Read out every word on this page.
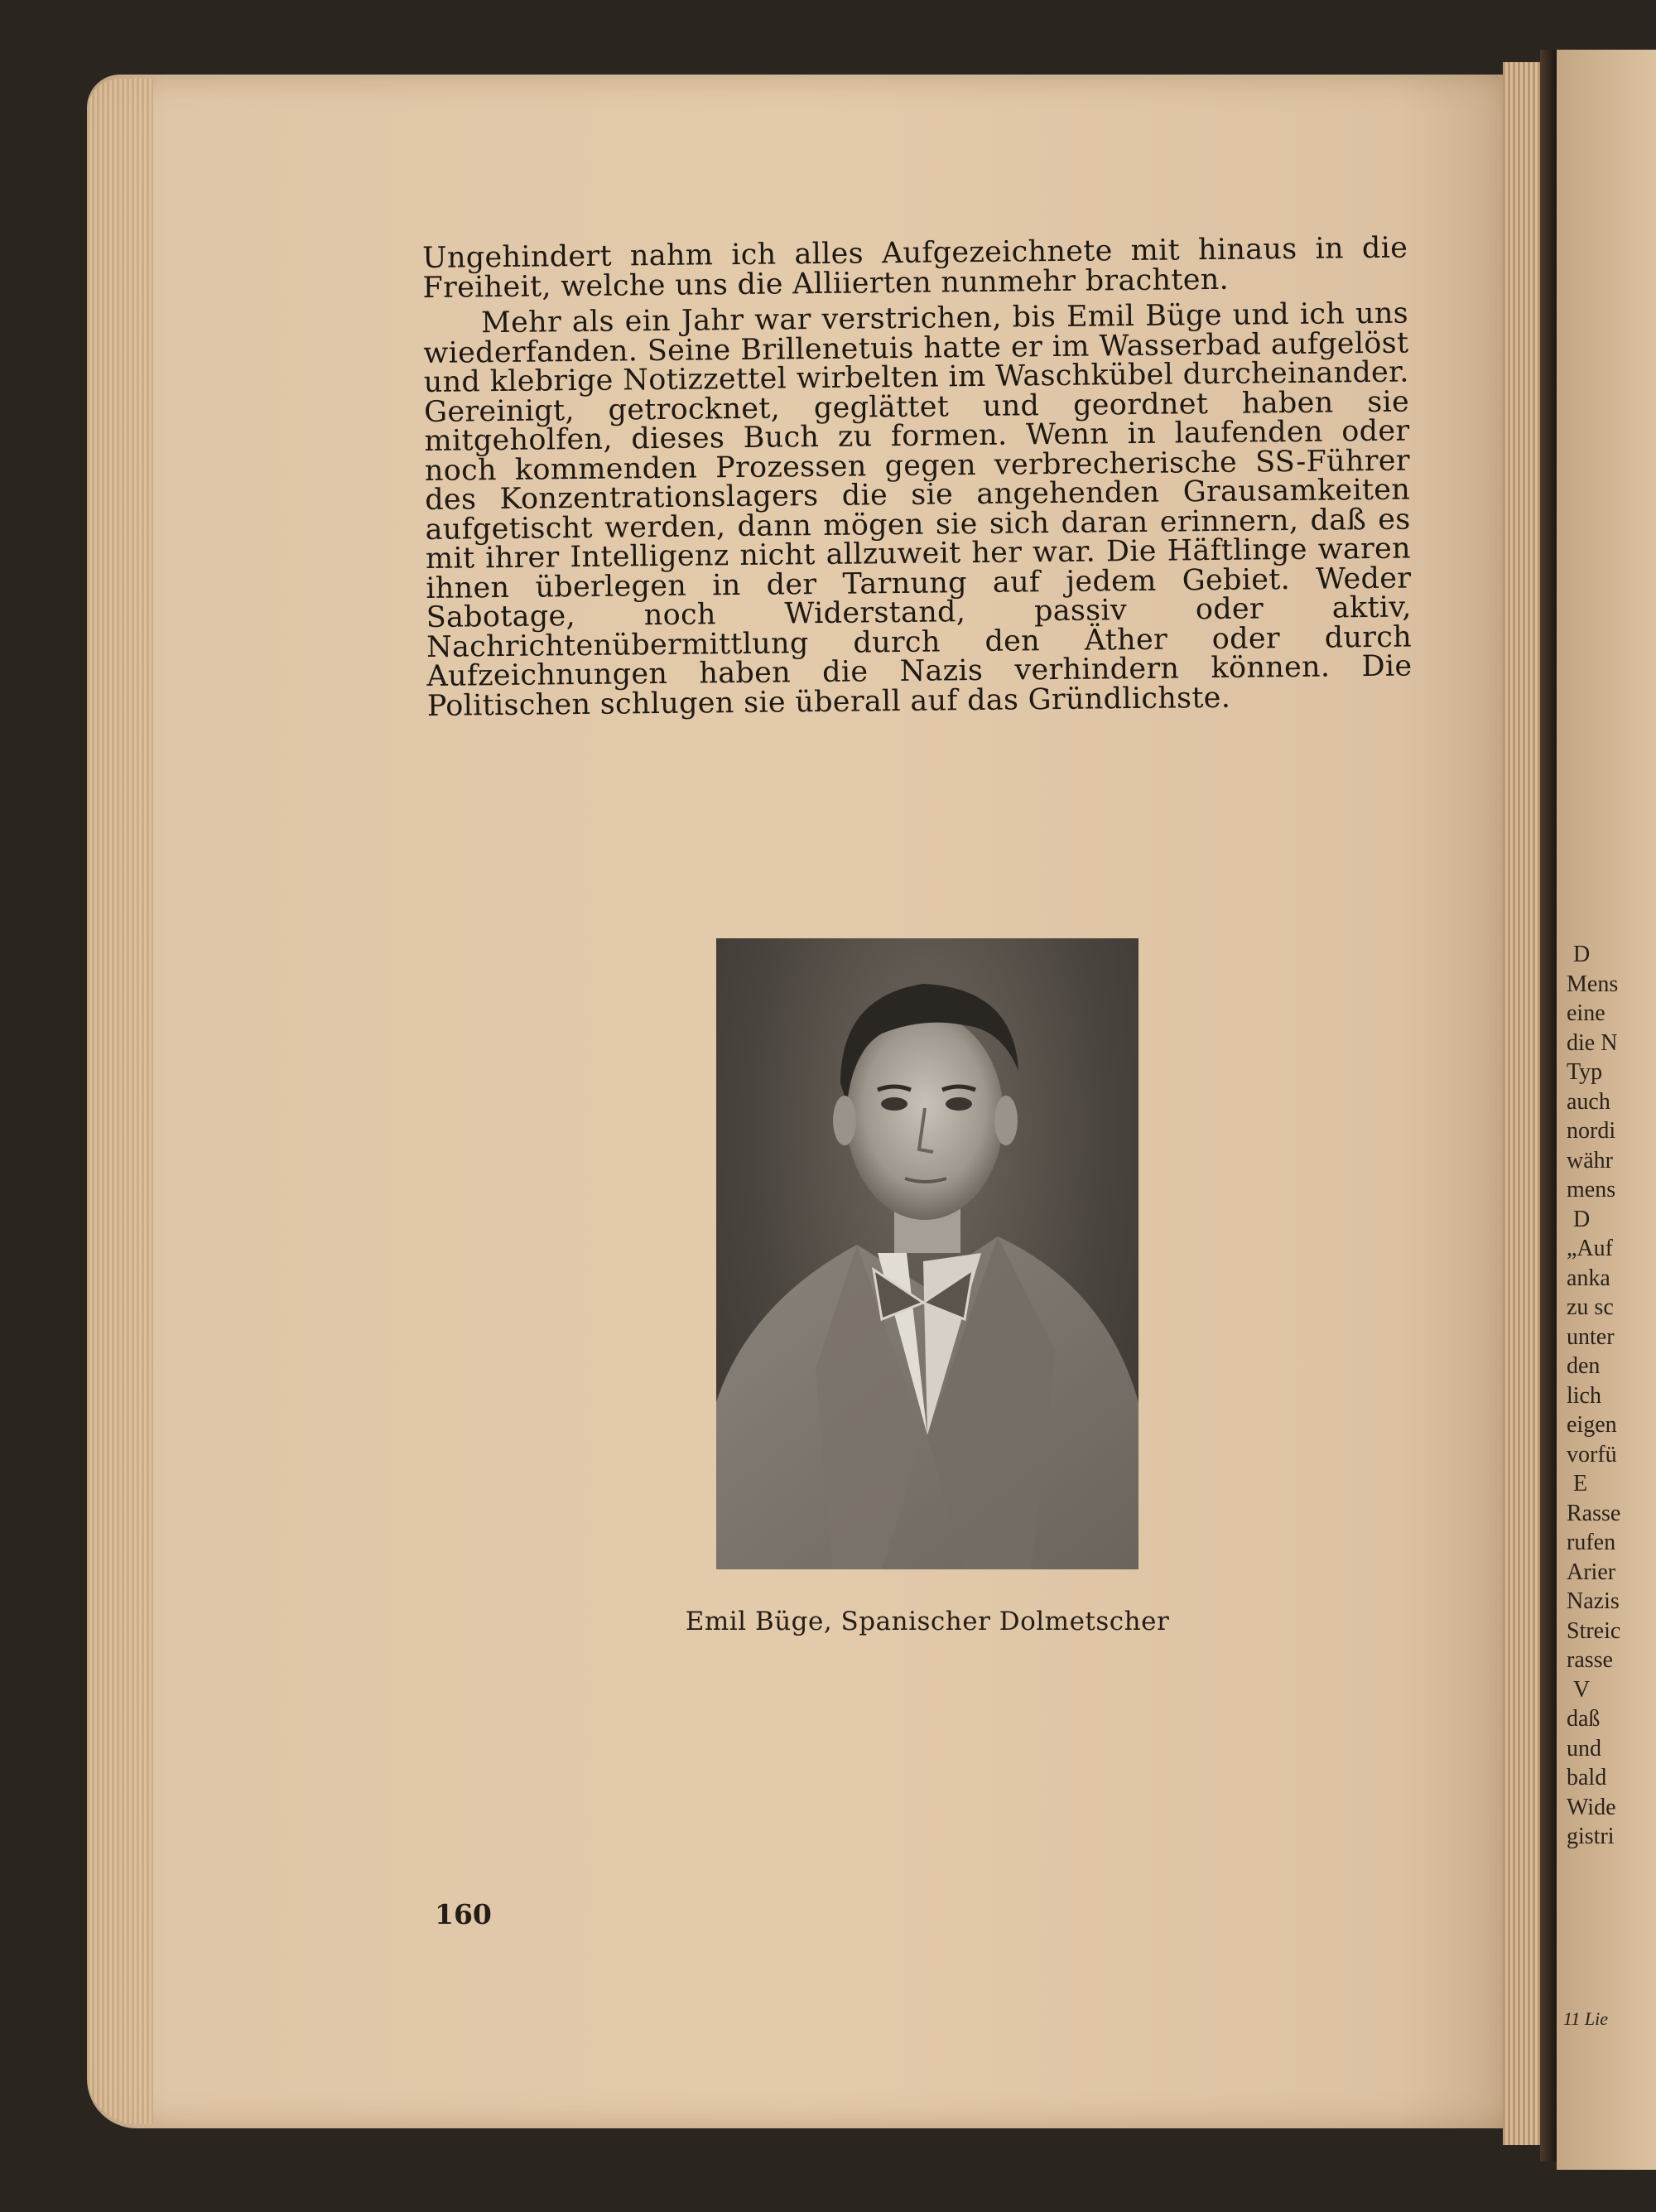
D
Mens
eine
die N
Typ
auch
nordi
währ
mens
D
„Auf
anka
zu sc
unter
den
lich
eigen
vorfü
E
Rasse
rufen
Arier
Nazis
Streic
rasse
V
daß
und
bald
Wide
gistri
11 Lie

Ungehindert nahm ich alles Aufgezeichnete mit hinaus in die Freiheit, welche uns die Alliierten nunmehr brachten.

Mehr als ein Jahr war verstrichen, bis Emil Büge und ich uns wiederfanden. Seine Brillenetuis hatte er im Wasserbad aufgelöst und klebrige Notizzettel wirbelten im Waschkübel durcheinander. Gereinigt, getrocknet, geglättet und geordnet haben sie mitgeholfen, dieses Buch zu formen. Wenn in laufenden oder noch kommenden Prozessen gegen verbrecherische SS-Führer des Konzentrationslagers die sie angehenden Grausamkeiten aufgetischt werden, dann mögen sie sich daran erinnern, daß es mit ihrer Intelligenz nicht allzuweit her war. Die Häftlinge waren ihnen überlegen in der Tarnung auf jedem Gebiet. Weder Sabotage, noch Widerstand, passiv oder aktiv, Nachrichtenübermittlung durch den Äther oder durch Aufzeichnungen haben die Nazis verhindern können. Die Politischen schlugen sie überall auf das Gründlichste.

Emil Büge, Spanischer Dolmetscher
160
